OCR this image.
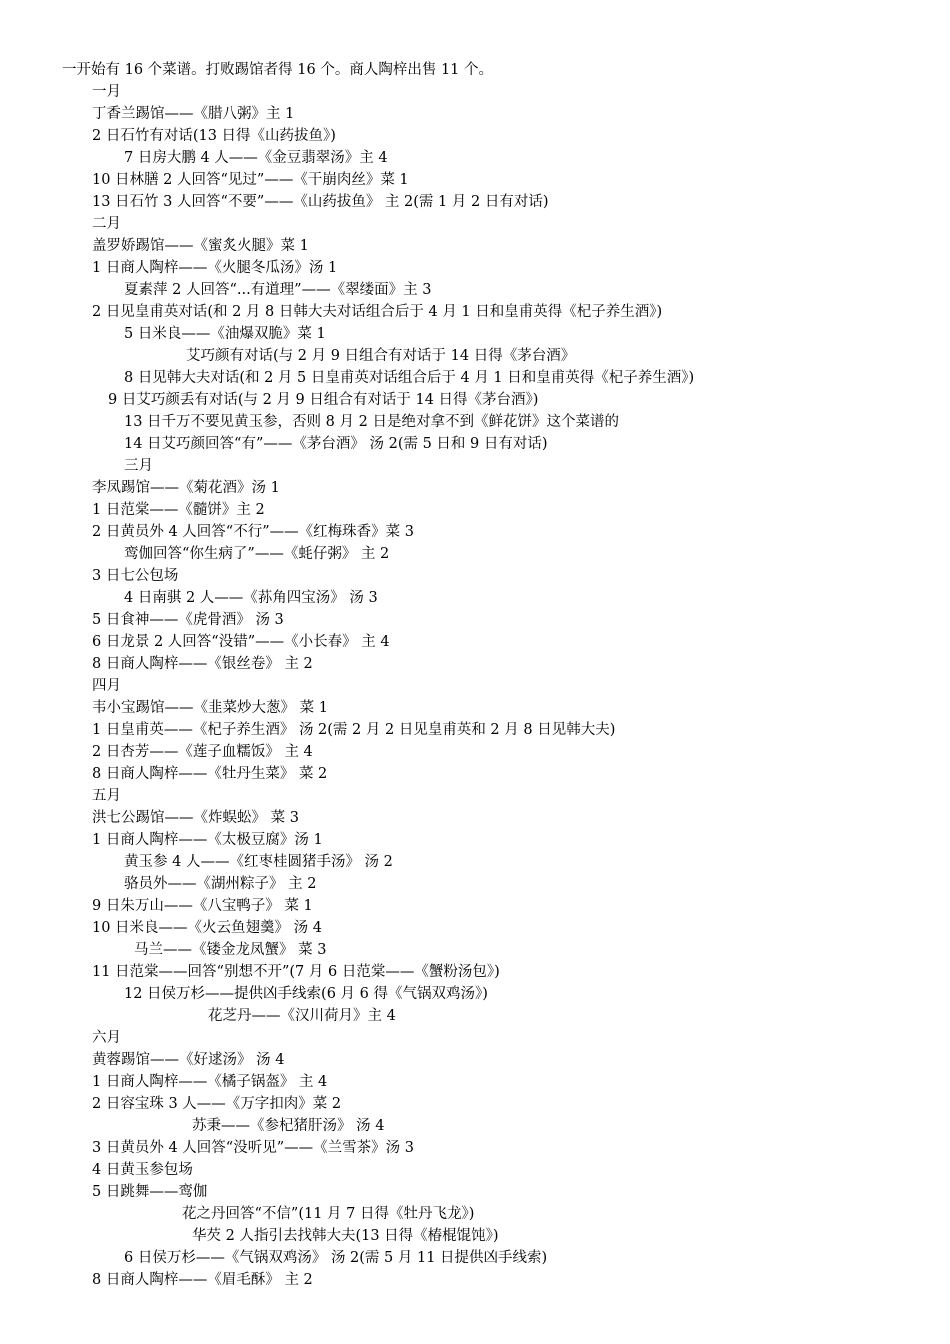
一开始有 16 个菜谱。打败踢馆者得 16 个。商人陶梓出售 11 个。
一月
丁香兰踢馆——《腊八粥》主 1
2 日石竹有对话(13 日得《山药拔鱼》)
7 日房大鹏 4 人——《金豆翡翠汤》主 4
10 日林膳 2 人回答“见过”——《干崩肉丝》菜 1
13 日石竹 3 人回答“不要”——《山药拔鱼》 主 2(需 1 月 2 日有对话)
二月
盖罗娇踢馆——《蜜炙火腿》菜 1
1 日商人陶梓——《火腿冬瓜汤》汤 1
夏素萍 2 人回答“...有道理”——《翠缕面》主 3
2 日见皇甫英对话(和 2 月 8 日韩大夫对话组合后于 4 月 1 日和皇甫英得《杞子养生酒》)
5 日米良——《油爆双脆》菜 1
艾巧颜有对话(与 2 月 9 日组合有对话于 14 日得《茅台酒》
8 日见韩大夫对话(和 2 月 5 日皇甫英对话组合后于 4 月 1 日和皇甫英得《杞子养生酒》)
9 日艾巧颜丢有对话(与 2 月 9 日组合有对话于 14 日得《茅台酒》)
13 日千万不要见黄玉参，否则 8 月 2 日是绝对拿不到《鲜花饼》这个菜谱的
14 日艾巧颜回答“有”——《茅台酒》 汤 2(需 5 日和 9 日有对话)
三月
李凤踢馆——《菊花酒》汤 1
1 日范棠——《髓饼》主 2
2 日黄员外 4 人回答“不行”——《红梅珠香》菜 3
鸾伽回答“你生病了”——《蚝仔粥》 主 2
3 日七公包场
4 日南骐 2 人——《荪角四宝汤》 汤 3
5 日食神——《虎骨酒》 汤 3
6 日龙景 2 人回答“没错”——《小长春》 主 4
8 日商人陶梓——《银丝卷》 主 2
四月
韦小宝踢馆——《韭菜炒大葱》 菜 1
1 日皇甫英——《杞子养生酒》 汤 2(需 2 月 2 日见皇甫英和 2 月 8 日见韩大夫)
2 日杏芳——《莲子血糯饭》 主 4
8 日商人陶梓——《牡丹生菜》 菜 2
五月
洪七公踢馆——《炸蜈蚣》 菜 3
1 日商人陶梓——《太极豆腐》汤 1
黄玉参 4 人——《红枣桂圆猪手汤》 汤 2
骆员外——《湖州粽子》 主 2
9 日朱万山——《八宝鸭子》 菜 1
10 日米良——《火云鱼翅羹》 汤 4
马兰——《镂金龙凤蟹》 菜 3
11 日范棠——回答“别想不开”(7 月 6 日范棠——《蟹粉汤包》)
12 日侯万杉——提供凶手线索(6 月 6 得《气锅双鸡汤》)
花芝丹——《汉川荷月》主 4
六月
黄蓉踢馆——《好逑汤》 汤 4
1 日商人陶梓——《橘子锅盔》 主 4
2 日容宝珠 3 人——《万字扣肉》菜 2
苏秉——《参杞猪肝汤》 汤 4
3 日黄员外 4 人回答“没听见”——《兰雪茶》汤 3
4 日黄玉参包场
5 日跳舞——鸾伽
花之丹回答“不信”(11 月 7 日得《牡丹飞龙》)
华芡 2 人指引去找韩大夫(13 日得《椿棍馄饨》)
6 日侯万杉——《气锅双鸡汤》 汤 2(需 5 月 11 日提供凶手线索)
8 日商人陶梓——《眉毛酥》 主 2
